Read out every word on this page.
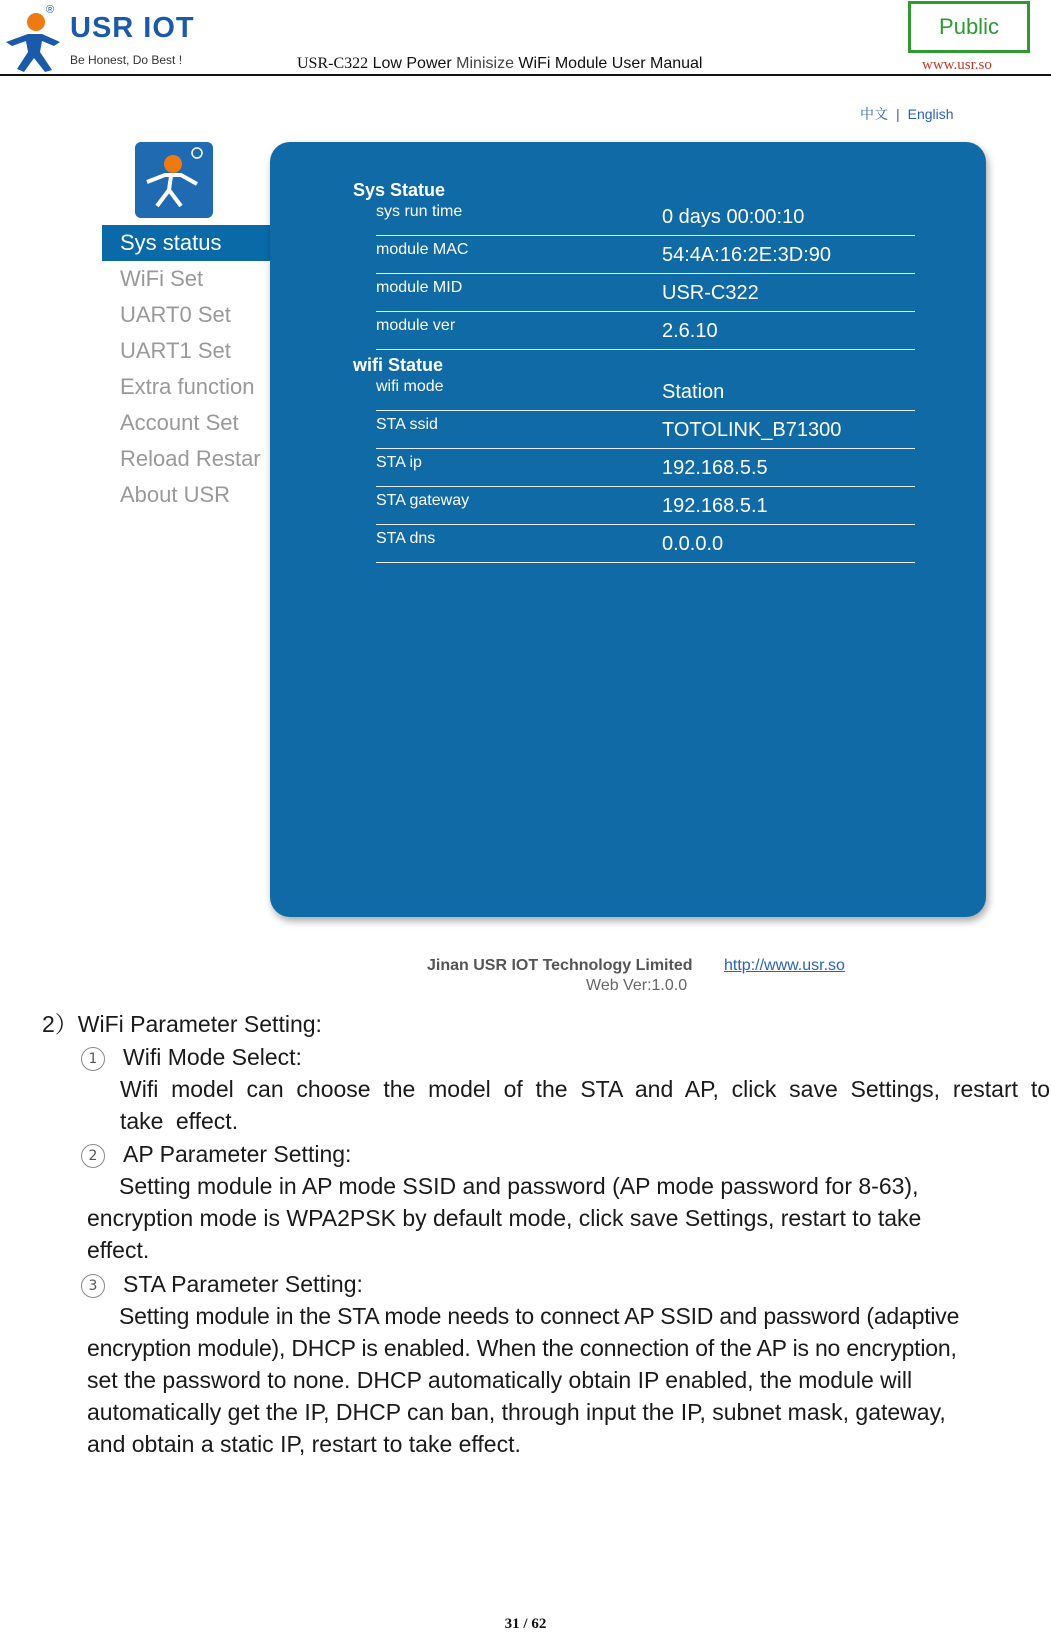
®
USR IOT
Be Honest, Do Best !	USR-C322 Low Power Minisize WiFi Module User Manual
Public
www.usr.so
中文 | English
Sys status
WiFi Set
UART0 Set
UART1 Set
Extra function
Account Set
Reload Restar
About USR
Sys Statue
sys run time	0 days 00:00:10
module MAC	54:4A:16:2E:3D:90
module MID	USR-C322
module ver	2.6.10
wifi Statue
wifi mode	Station
STA ssid	TOTOLINK_B71300
STA ip	192.168.5.5
STA gateway	192.168.5.1
STA dns	0.0.0.0
Jinan USR IOT Technology Limited http://www.usr.so
Web Ver:1.0.0
2）WiFi Parameter Setting:
1 Wifi Mode Select:
Wifi model can choose the model of the STA and AP, click save Settings, restart to take effect.
2 AP Parameter Setting:
Setting module in AP mode SSID and password (AP mode password for 8-63),
encryption mode is WPA2PSK by default mode, click save Settings, restart to take
effect.
3 STA Parameter Setting:
Setting module in the STA mode needs to connect AP SSID and password (adaptive
encryption module), DHCP is enabled. When the connection of the AP is no encryption,
set the password to none. DHCP automatically obtain IP enabled, the module will
automatically get the IP, DHCP can ban, through input the IP, subnet mask, gateway,
and obtain a static IP, restart to take effect.
31 / 62
